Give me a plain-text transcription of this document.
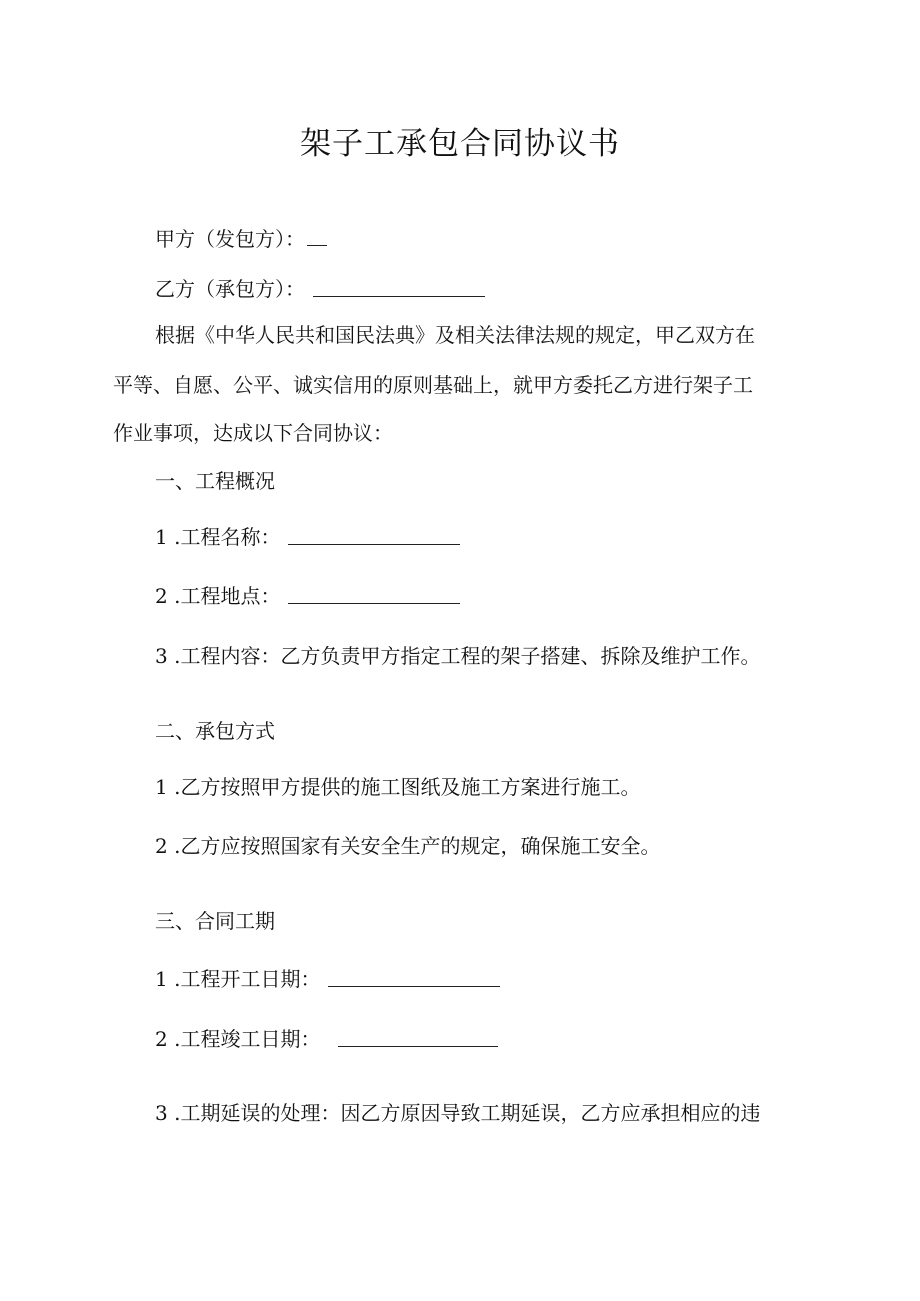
架子工承包合同协议书
甲方（发包方）：
乙方（承包方）：
根据《中华人民共和国民法典》及相关法律法规的规定，甲乙双方在
平等、自愿、公平、诚实信用的原则基础上，就甲方委托乙方进行架子工
作业事项，达成以下合同协议：
一、工程概况
1 .工程名称：
2 .工程地点：
3 .工程内容：乙方负责甲方指定工程的架子搭建、拆除及维护工作。
二、承包方式
1 .乙方按照甲方提供的施工图纸及施工方案进行施工。
2 .乙方应按照国家有关安全生产的规定，确保施工安全。
三、合同工期
1 .工程开工日期：
2 .工程竣工日期：
3 .工期延误的处理：因乙方原因导致工期延误，乙方应承担相应的违
